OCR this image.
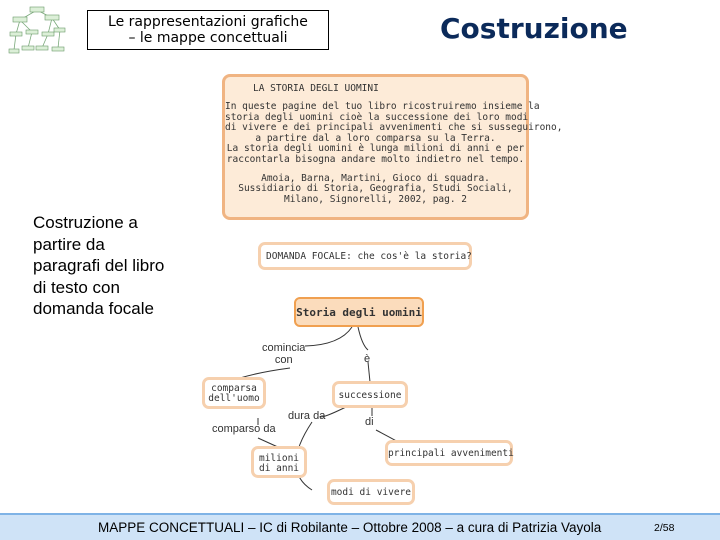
Le rappresentazioni grafiche
– le mappe concettuali	Costruzione
Costruzione a
partire da
paragrafi del libro
di testo con
domanda focale
LA STORIA DEGLI UOMINI
In queste pagine del tuo libro ricostruiremo insieme la
storia degli uomini cioè la successione dei loro modi
di vivere e dei principali avvenimenti che si susseguirono,
a partire dal a loro comparsa su la Terra.
La storia degli uomini è lunga milioni di anni e per
raccontarla bisogna andare molto indietro nel tempo.
Amoia, Barna, Martini, Gioco di squadra.
Sussidiario di Storia, Geografia, Studi Sociali,
Milano, Signorelli, 2002, pag. 2
DOMANDA FOCALE: che cos'è la storia?
Storia degli uomini
comincia
con	è
comparsa
dell'uomo	successione
dura da
comparso da
di
principali avvenimenti
milioni
di anni
modi di vivere
MAPPE CONCETTUALI – IC di Robilante – Ottobre 2008 – a cura di Patrizia Vayola	2/58
